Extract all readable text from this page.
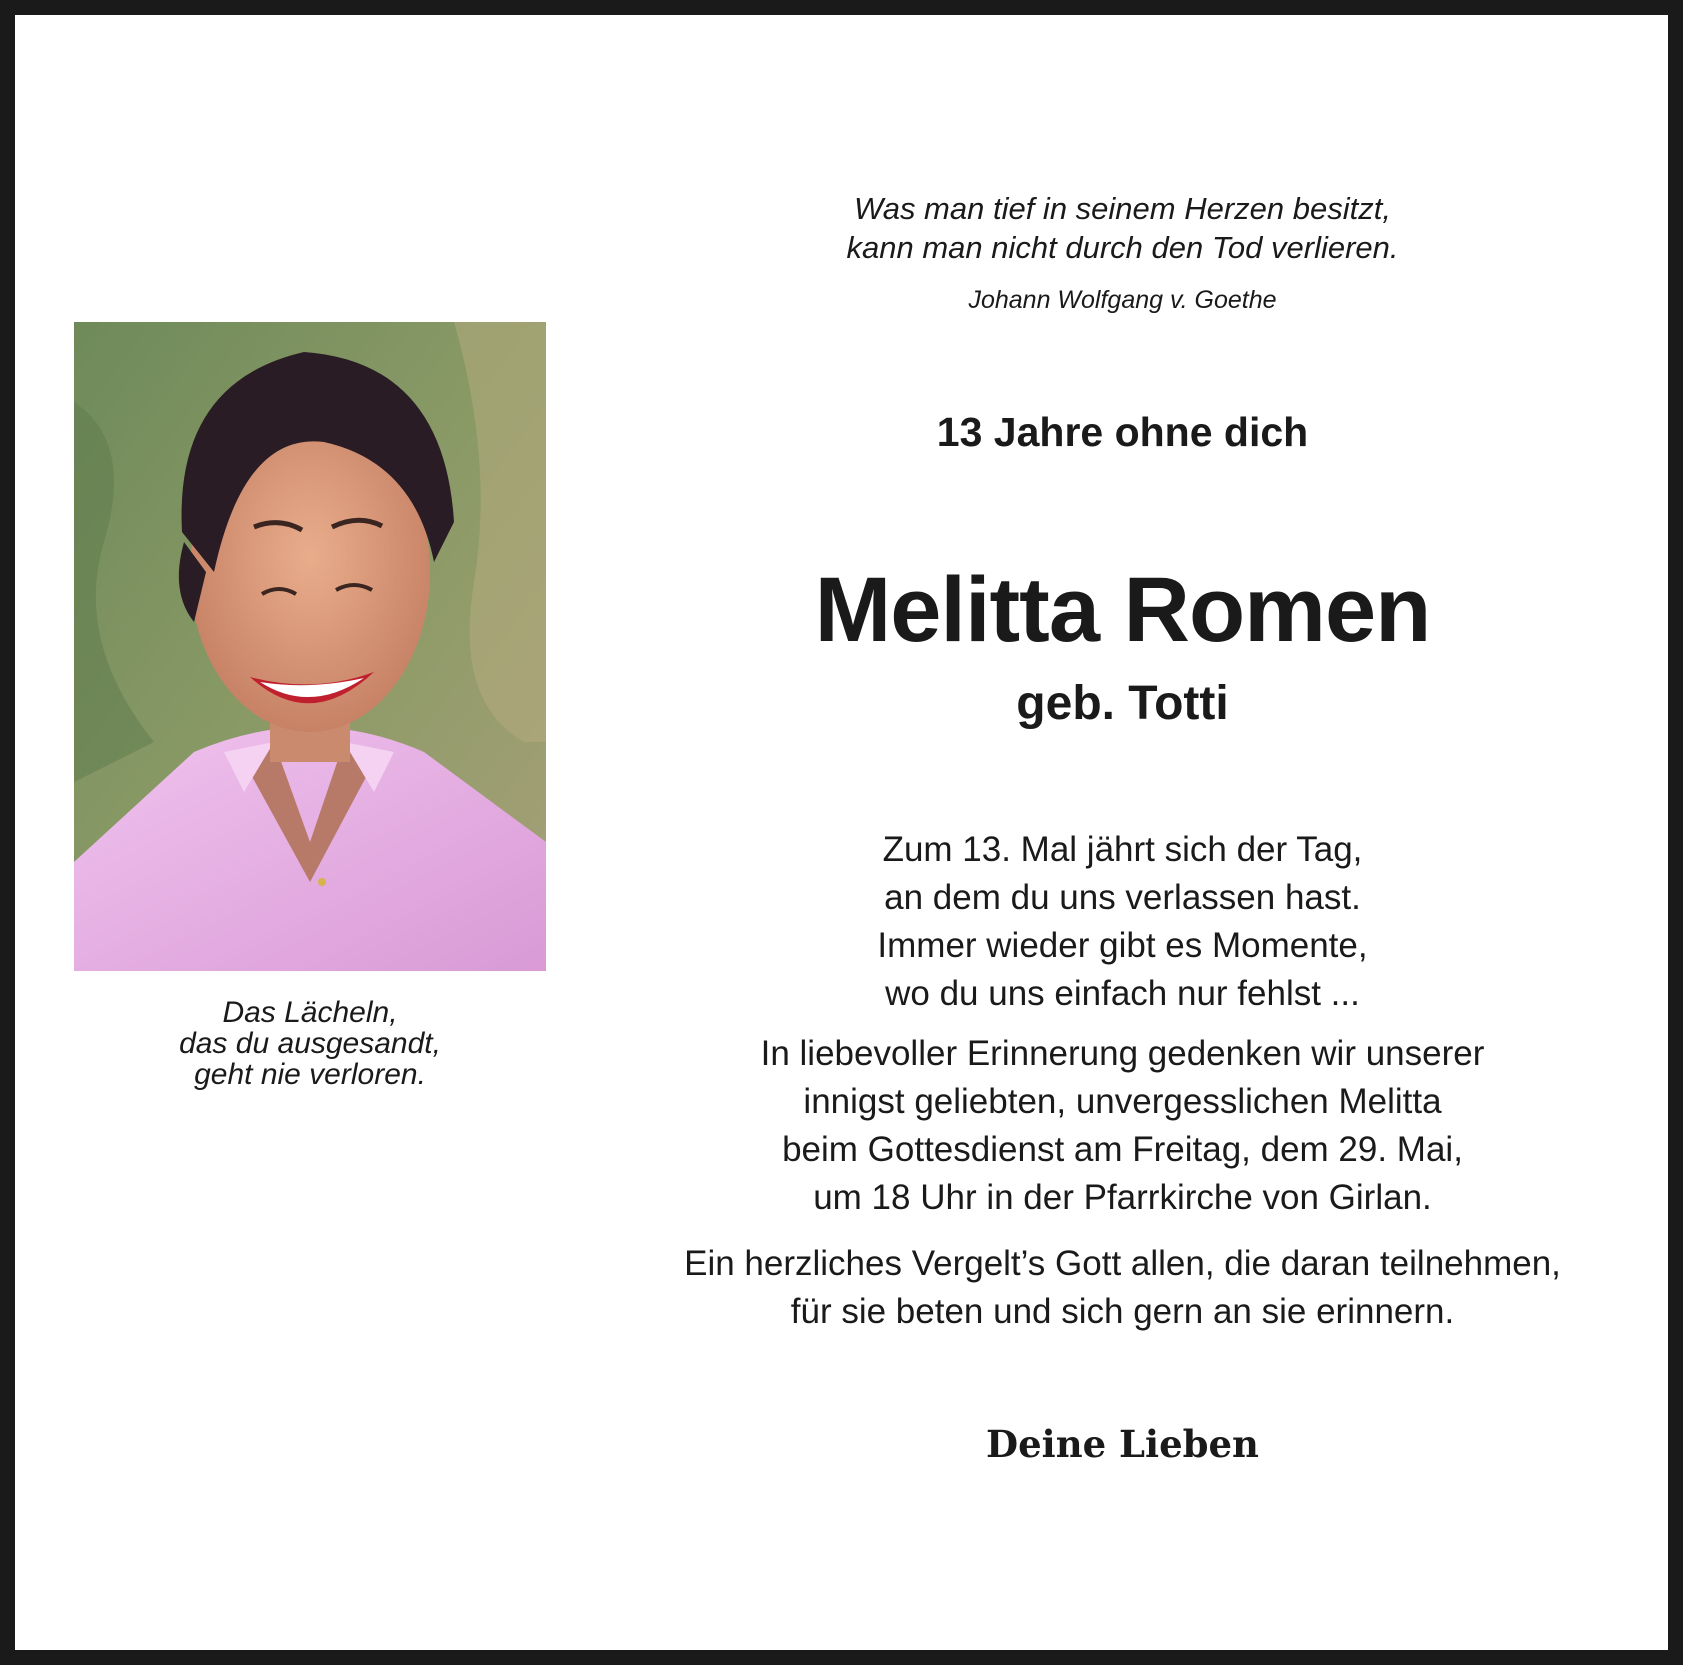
Das Lächeln,
das du ausgesandt,
geht nie verloren.
Was man tief in seinem Herzen besitzt,
kann man nicht durch den Tod verlieren.
Johann Wolfgang v. Goethe
13 Jahre ohne dich
Melitta Romen
geb. Totti
Zum 13. Mal jährt sich der Tag,
an dem du uns verlassen hast.
Immer wieder gibt es Momente,
wo du uns einfach nur fehlst ...
In liebevoller Erinnerung gedenken wir unserer
innigst geliebten, unvergesslichen Melitta
beim Gottesdienst am Freitag, dem 29. Mai,
um 18 Uhr in der Pfarrkirche von Girlan.
Ein herzliches Vergelt’s Gott allen, die daran teilnehmen,
für sie beten und sich gern an sie erinnern.
Deine Lieben
